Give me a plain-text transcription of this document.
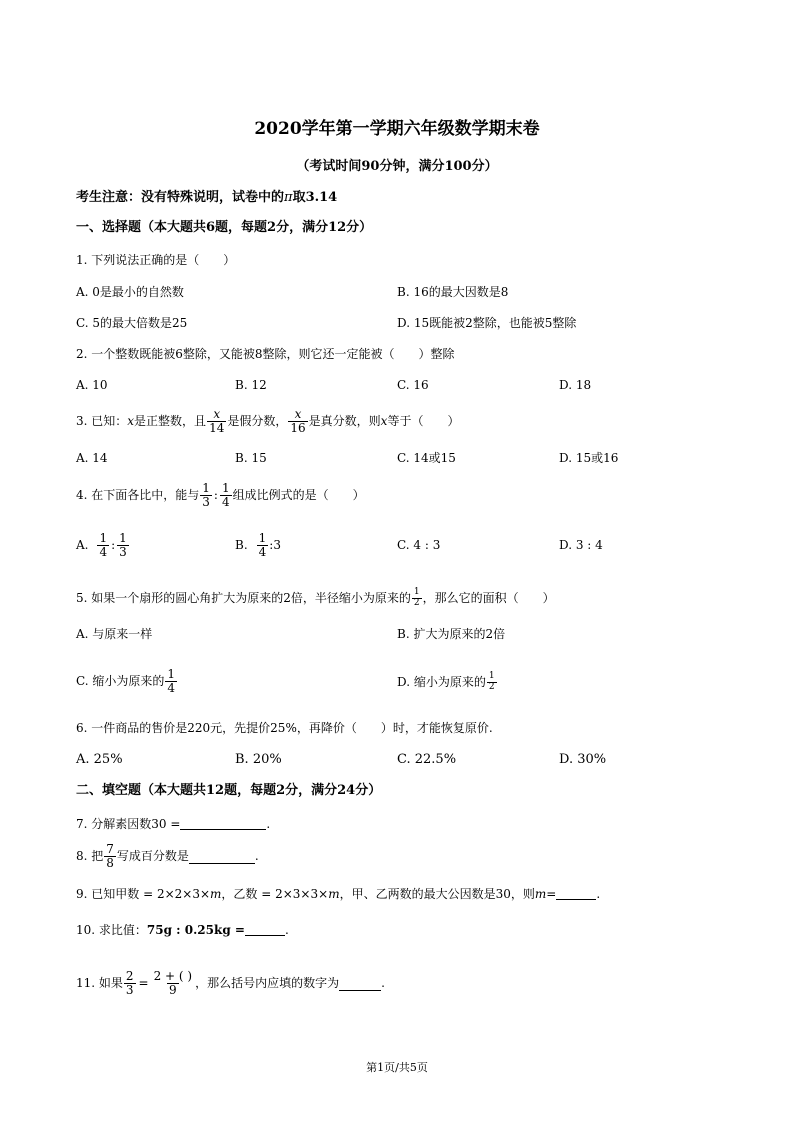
2020学年第一学期六年级数学期末卷
（考试时间90分钟，满分100分）
考生注意：没有特殊说明，试卷中的π取3.14
一、选择题（本大题共6题，每题2分，满分12分）
1. 下列说法正确的是（　　）
A. 0是最小的自然数	B. 16的最大因数是8
C. 5的最大倍数是25	D. 15既能被2整除，也能被5整除
2. 一个整数既能被6整除，又能被8整除，则它还一定能被（　　）整除
A. 10	B. 12	C. 16	D. 18
3. 已知： x 是正整数，且 $\frac{x}{14}$ 是假分数， $\frac{x}{16}$ 是真分数，则 x 等于（　　）
A. 14	B. 15	C. 14或15	D. 15或16
4. 在下面各比中，能与 $\frac{1}{3}$ : $\frac{1}{4}$ 组成比例式的是（　　）
A. $\frac{1}{4}$ : $\frac{1}{3}$	B. $\frac{1}{4}$ :3	C. 4 : 3	D. 3 : 4
5. 如果一个扇形的圆心角扩大为原来的2倍，半径缩小为原来的 $\frac{1}{2}$ ，那么它的面积（　　）
A. 与原来一样	B. 扩大为原来的2倍
C. 缩小为原来的 $\frac{1}{4}$	D. 缩小为原来的 $\frac{1}{2}$
6. 一件商品的售价是220元，先提价25%，再降价（　　）时，才能恢复原价.
A. 25%	B. 20%	C. 22.5%	D. 30%
二、填空题（本大题共12题，每题2分，满分24分）
7. 分解素因数30 =	.
8. 把 $\frac{7}{8}$ 写成百分数是	.
9. 已知甲数 = 2×2×3× m ，乙数 = 2×3×3× m ，甲、乙两数的最大公因数是30，则 m =	.
10. 求比值： 75g : 0.25kg =	.
11. 如果 $\frac{2}{3} = \frac{2 + ( )}{9}$ ，那么括号内应填的数字为	.
第1页/共5页
